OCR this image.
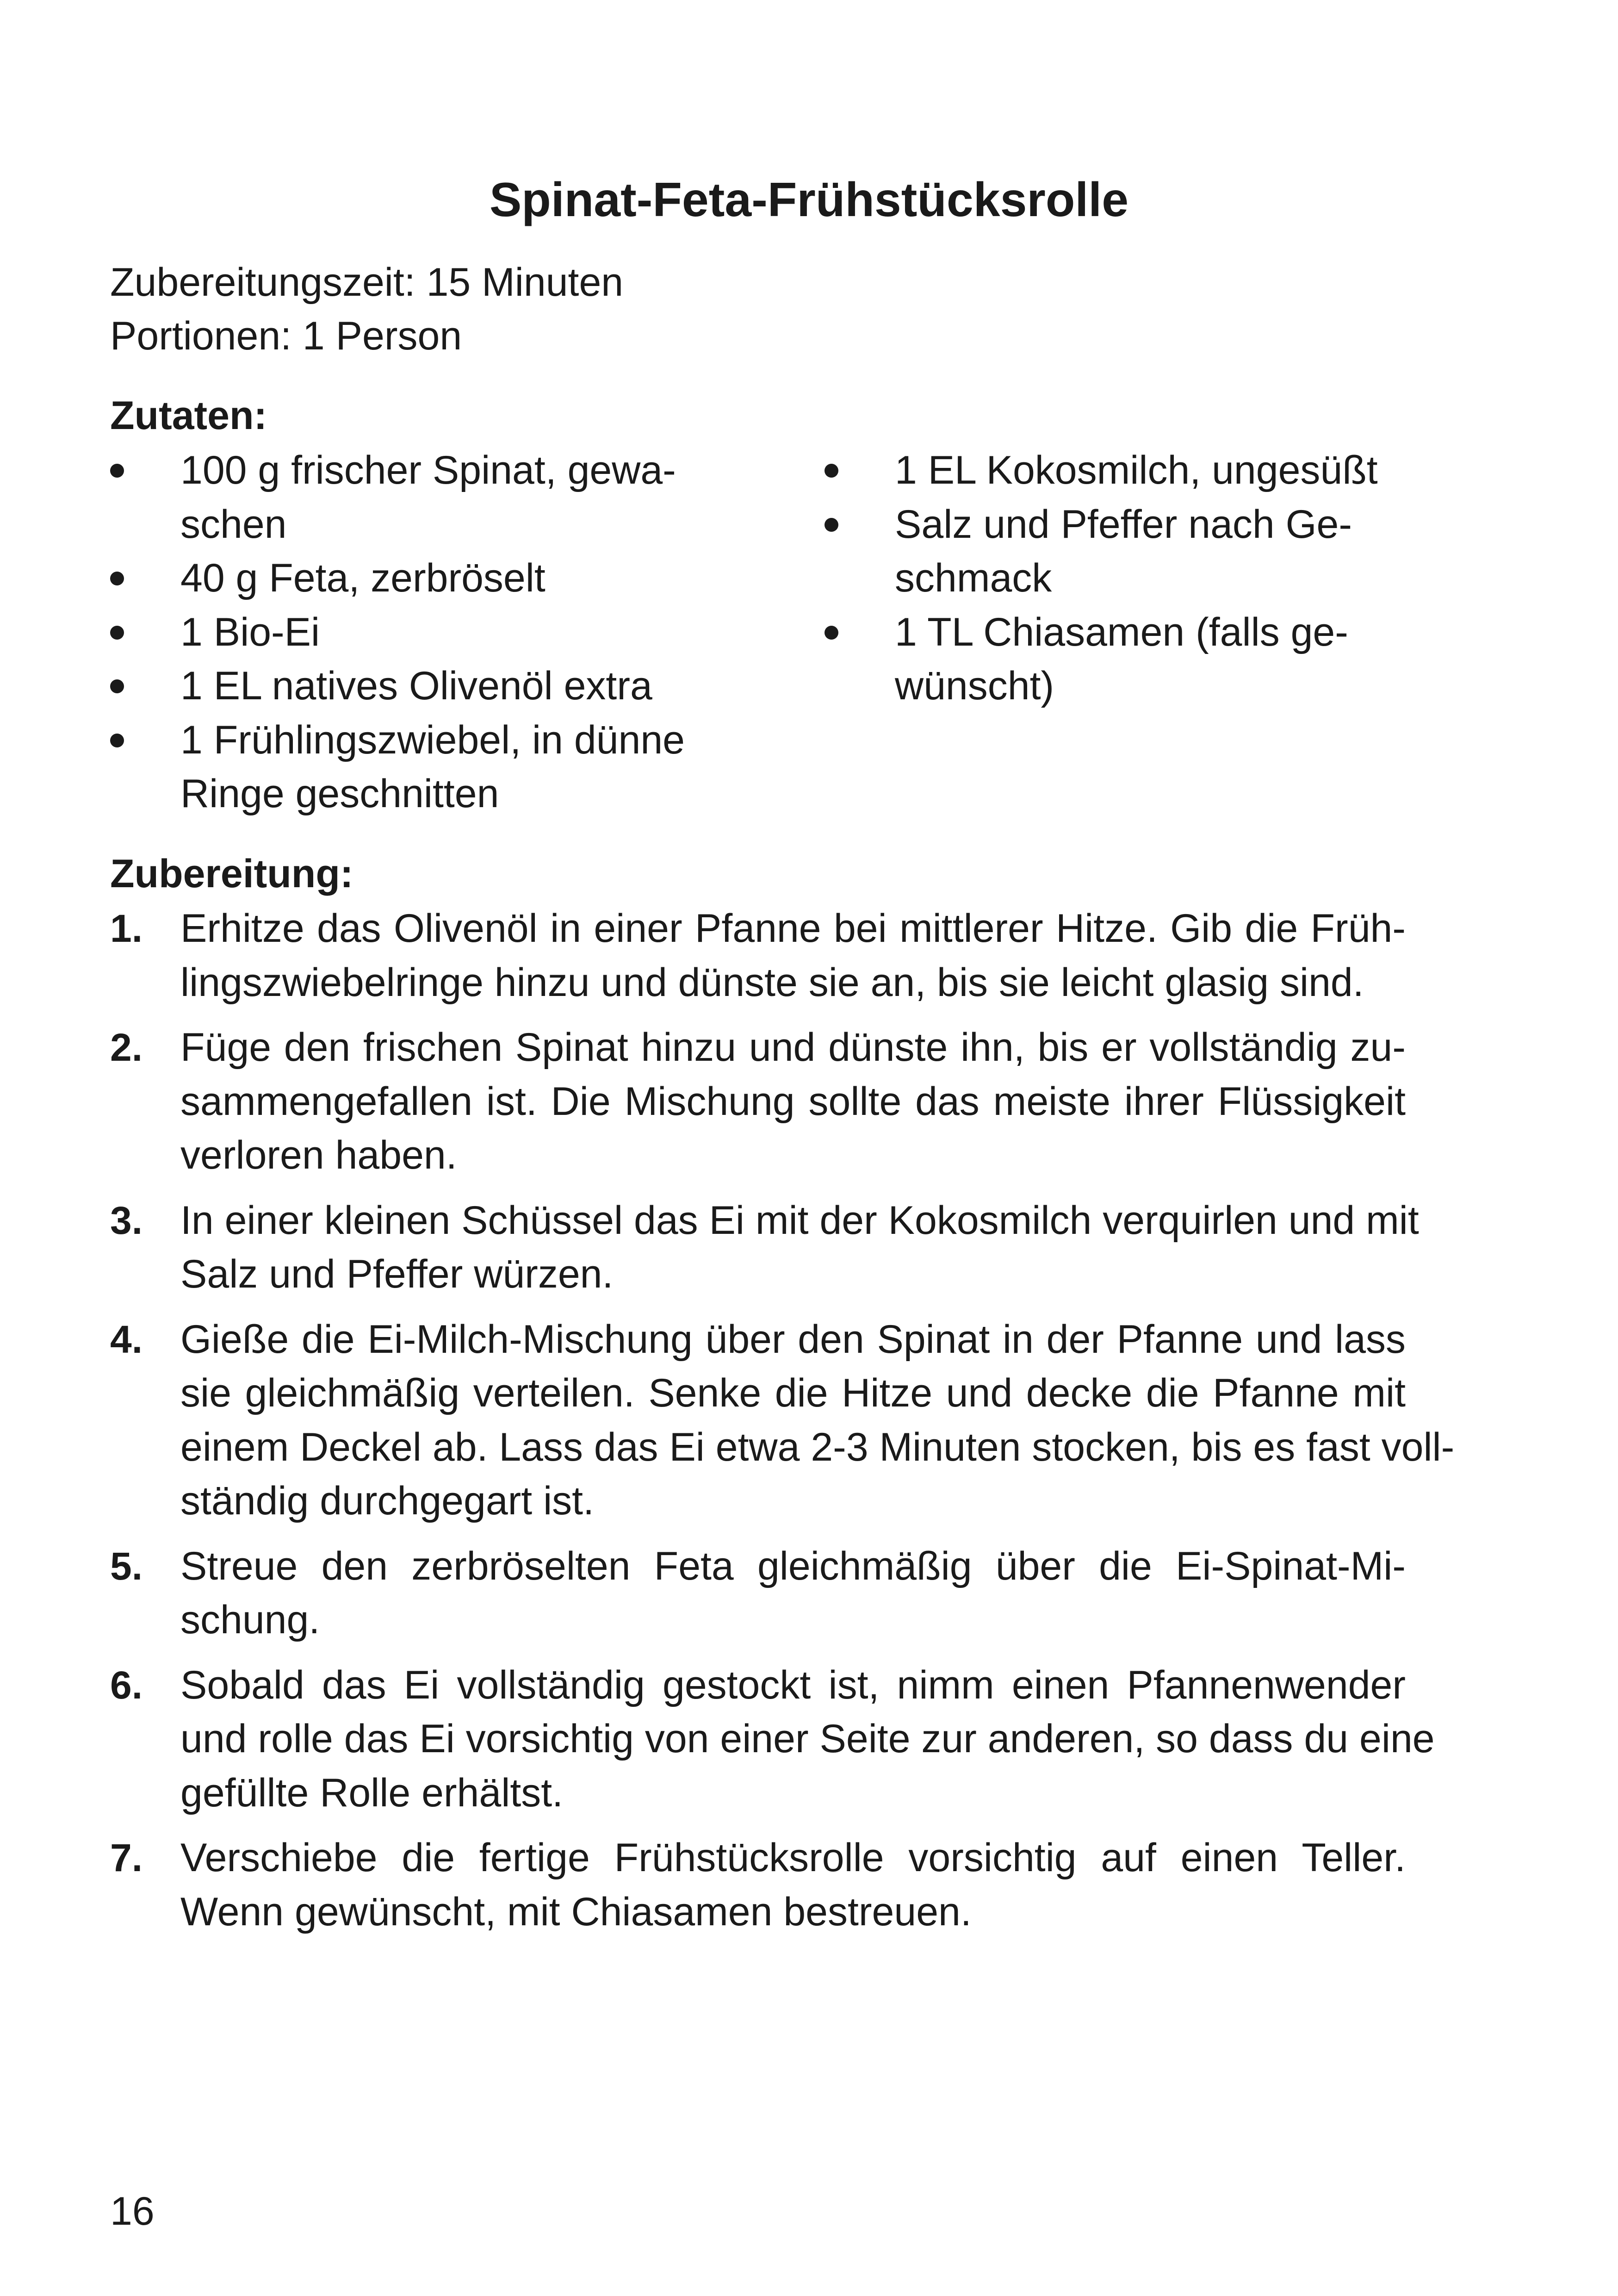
Spinat-Feta-Frühstücksrolle
Zubereitungszeit: 15 Minuten
Portionen: 1 Person
Zutaten:
100 g frischer Spinat, gewa-
schen
40 g Feta, zerbröselt
1 Bio-Ei
1 EL natives Olivenöl extra
1 Frühlingszwiebel, in dünne
Ringe geschnitten
1 EL Kokosmilch, ungesüßt
Salz und Pfeffer nach Ge-
schmack
1 TL Chiasamen (falls ge-
wünscht)
Zubereitung:
1. Erhitze das Olivenöl in einer Pfanne bei mittlerer Hitze. Gib die Früh-
lingszwiebelringe hinzu und dünste sie an, bis sie leicht glasig sind.
2. Füge den frischen Spinat hinzu und dünste ihn, bis er vollständig zu-
sammengefallen ist. Die Mischung sollte das meiste ihrer Flüssigkeit
verloren haben.
3. In einer kleinen Schüssel das Ei mit der Kokosmilch verquirlen und mit
Salz und Pfeffer würzen.
4. Gieße die Ei-Milch-Mischung über den Spinat in der Pfanne und lass
sie gleichmäßig verteilen. Senke die Hitze und decke die Pfanne mit
einem Deckel ab. Lass das Ei etwa 2-3 Minuten stocken, bis es fast voll-
ständig durchgegart ist.
5. Streue den zerbröselten Feta gleichmäßig über die Ei-Spinat-Mi-
schung.
6. Sobald das Ei vollständig gestockt ist, nimm einen Pfannenwender
und rolle das Ei vorsichtig von einer Seite zur anderen, so dass du eine
gefüllte Rolle erhältst.
7. Verschiebe die fertige Frühstücksrolle vorsichtig auf einen Teller.
Wenn gewünscht, mit Chiasamen bestreuen.
16
